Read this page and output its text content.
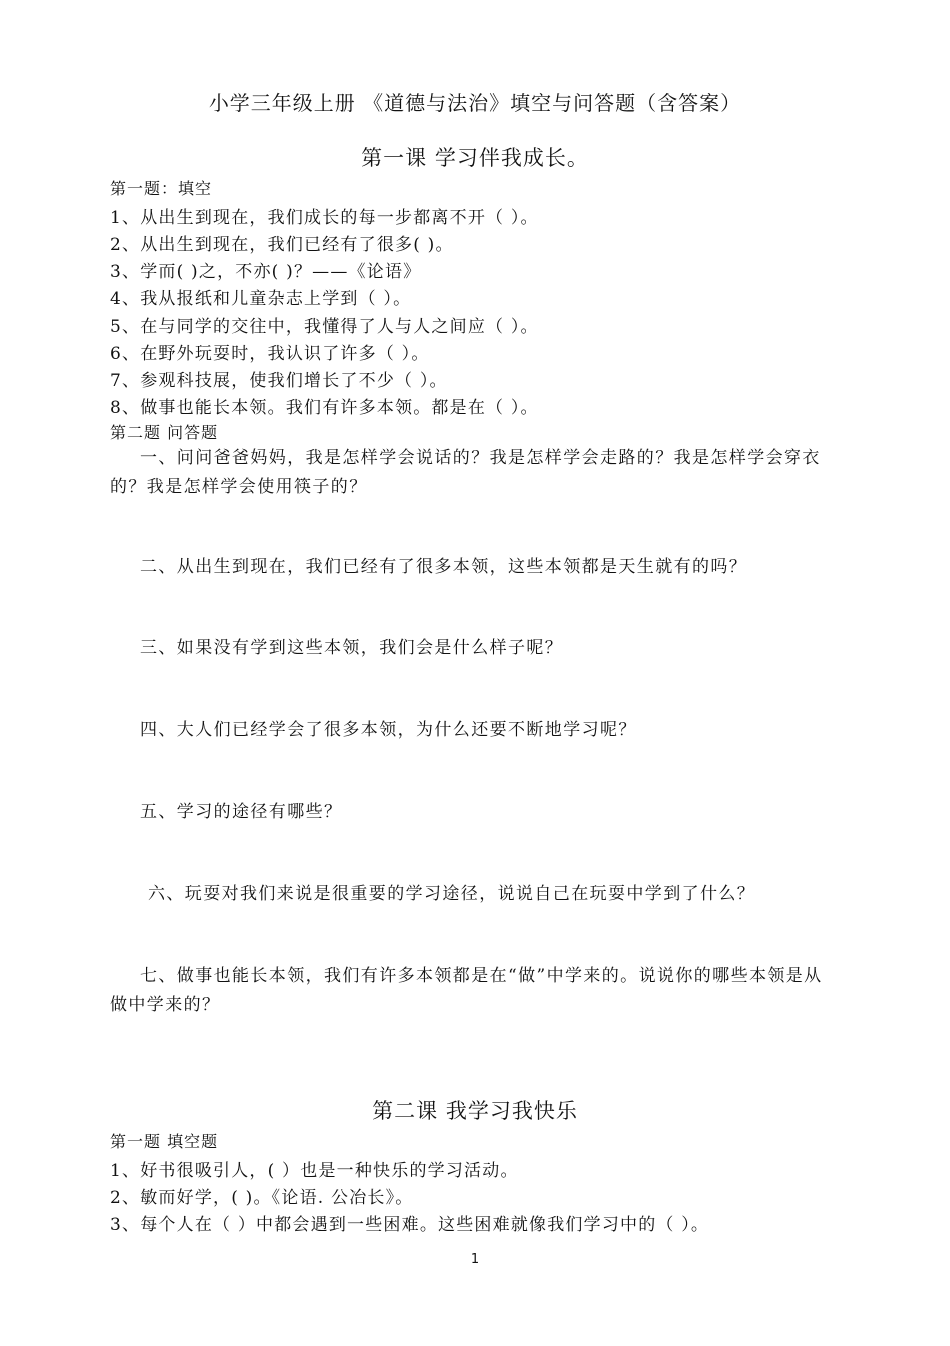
小学三年级上册 《道德与法治》填空与问答题（含答案）
第一课 学习伴我成长。
第一题：填空
1、从出生到现在，我们成长的每一步都离不开（ ）。
2、从出生到现在，我们已经有了很多( )。
3、学而( )之，不亦( )？——《论语》
4、我从报纸和儿童杂志上学到（ ）。
5、在与同学的交往中，我懂得了人与人之间应（ ）。
6、在野外玩耍时，我认识了许多（ ）。
7、参观科技展，使我们增长了不少（ ）。
8、做事也能长本领。我们有许多本领。都是在（ ）。
第二题 问答题
一、问问爸爸妈妈，我是怎样学会说话的？我是怎样学会走路的？我是怎样学会穿衣的？我是怎样学会使用筷子的？
二、从出生到现在，我们已经有了很多本领，这些本领都是天生就有的吗？
三、如果没有学到这些本领，我们会是什么样子呢？
四、大人们已经学会了很多本领，为什么还要不断地学习呢？
五、学习的途径有哪些？
六、玩耍对我们来说是很重要的学习途径，说说自己在玩耍中学到了什么？
七、做事也能长本领，我们有许多本领都是在“做”中学来的。说说你的哪些本领是从做中学来的？
第二课 我学习我快乐
第一题 填空题
1、好书很吸引人，( ）也是一种快乐的学习活动。
2、敏而好学，( )。《论语. 公冶长》。
3、每个人在（ ）中都会遇到一些困难。这些困难就像我们学习中的（ ）。
1
